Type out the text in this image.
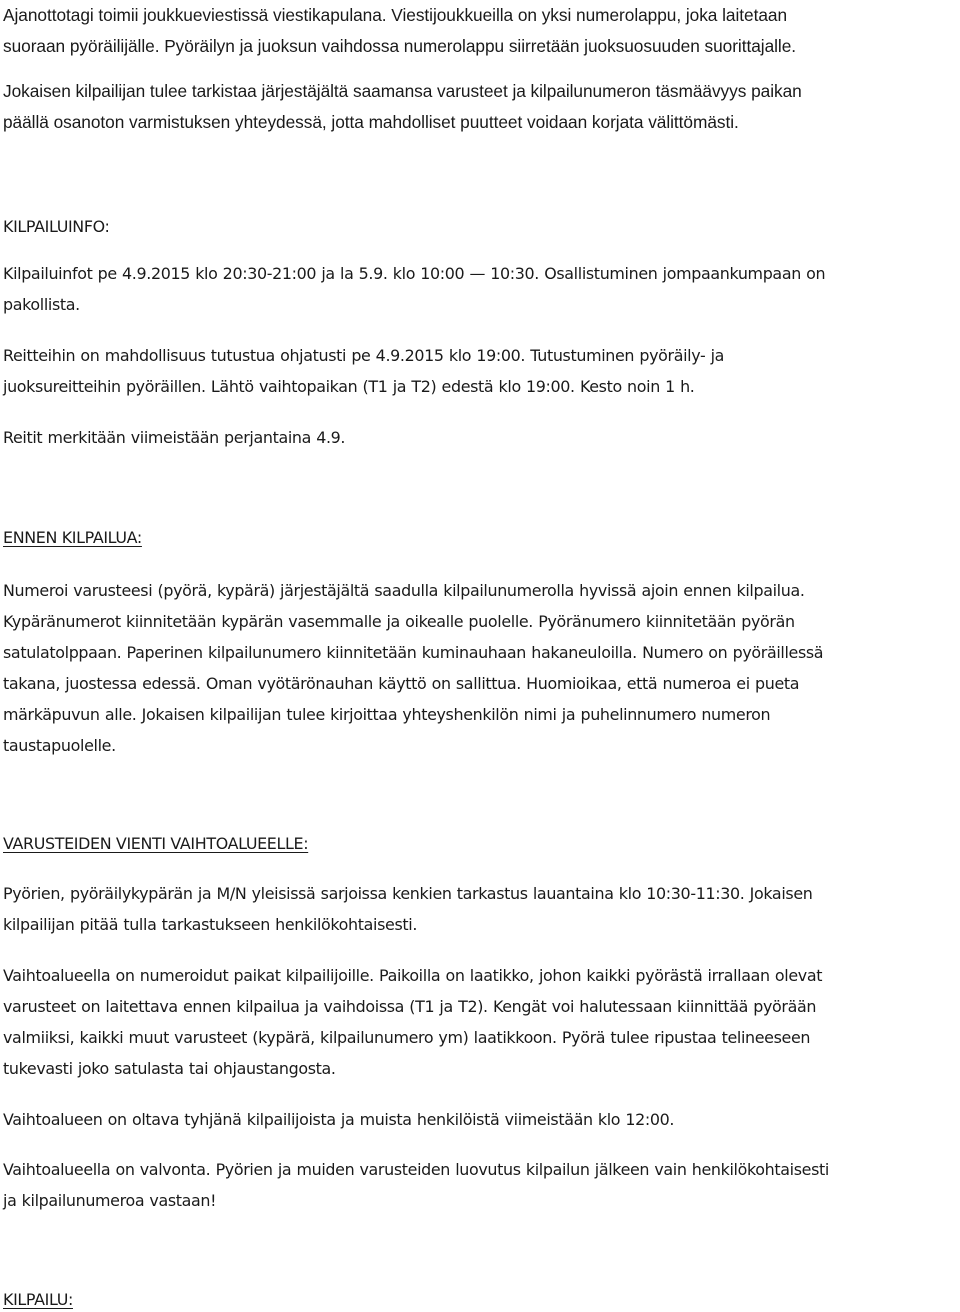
Ajanottotagi toimii joukkueviestissä viestikapulana. Viestijoukkueilla on yksi numerolappu, joka laitetaan
suoraan pyöräilijälle. Pyöräilyn ja juoksun vaihdossa numerolappu siirretään juoksuosuuden suorittajalle.
Jokaisen kilpailijan tulee tarkistaa järjestäjältä saamansa varusteet ja kilpailunumeron täsmäävyys paikan
päällä osanoton varmistuksen yhteydessä, jotta mahdolliset puutteet voidaan korjata välittömästi.
KILPAILUINFO:
Kilpailuinfot pe 4.9.2015 klo 20:30-21:00 ja la 5.9. klo 10:00 — 10:30. Osallistuminen jompaankumpaan on
pakollista.
Reitteihin on mahdollisuus tutustua ohjatusti pe 4.9.2015 klo 19:00. Tutustuminen pyöräily- ja
juoksureitteihin pyöräillen. Lähtö vaihtopaikan (T1 ja T2) edestä klo 19:00. Kesto noin 1 h.
Reitit merkitään viimeistään perjantaina 4.9.
ENNEN KILPAILUA:
Numeroi varusteesi (pyörä, kypärä) järjestäjältä saadulla kilpailunumerolla hyvissä ajoin ennen kilpailua.
Kypäränumerot kiinnitetään kypärän vasemmalle ja oikealle puolelle. Pyöränumero kiinnitetään pyörän
satulatolppaan. Paperinen kilpailunumero kiinnitetään kuminauhaan hakaneuloilla. Numero on pyöräillessä
takana, juostessa edessä. Oman vyötärönauhan käyttö on sallittua. Huomioikaa, että numeroa ei pueta
märkäpuvun alle. Jokaisen kilpailijan tulee kirjoittaa yhteyshenkilön nimi ja puhelinnumero numeron
taustapuolelle.
VARUSTEIDEN VIENTI VAIHTOALUEELLE:
Pyörien, pyöräilykypärän ja M/N yleisissä sarjoissa kenkien tarkastus lauantaina klo 10:30-11:30. Jokaisen
kilpailijan pitää tulla tarkastukseen henkilökohtaisesti.
Vaihtoalueella on numeroidut paikat kilpailijoille. Paikoilla on laatikko, johon kaikki pyörästä irrallaan olevat
varusteet on laitettava ennen kilpailua ja vaihdoissa (T1 ja T2). Kengät voi halutessaan kiinnittää pyörään
valmiiksi, kaikki muut varusteet (kypärä, kilpailunumero ym) laatikkoon. Pyörä tulee ripustaa telineeseen
tukevasti joko satulasta tai ohjaustangosta.
Vaihtoalueen on oltava tyhjänä kilpailijoista ja muista henkilöistä viimeistään klo 12:00.
Vaihtoalueella on valvonta. Pyörien ja muiden varusteiden luovutus kilpailun jälkeen vain henkilökohtaisesti
ja kilpailunumeroa vastaan!
KILPAILU:
